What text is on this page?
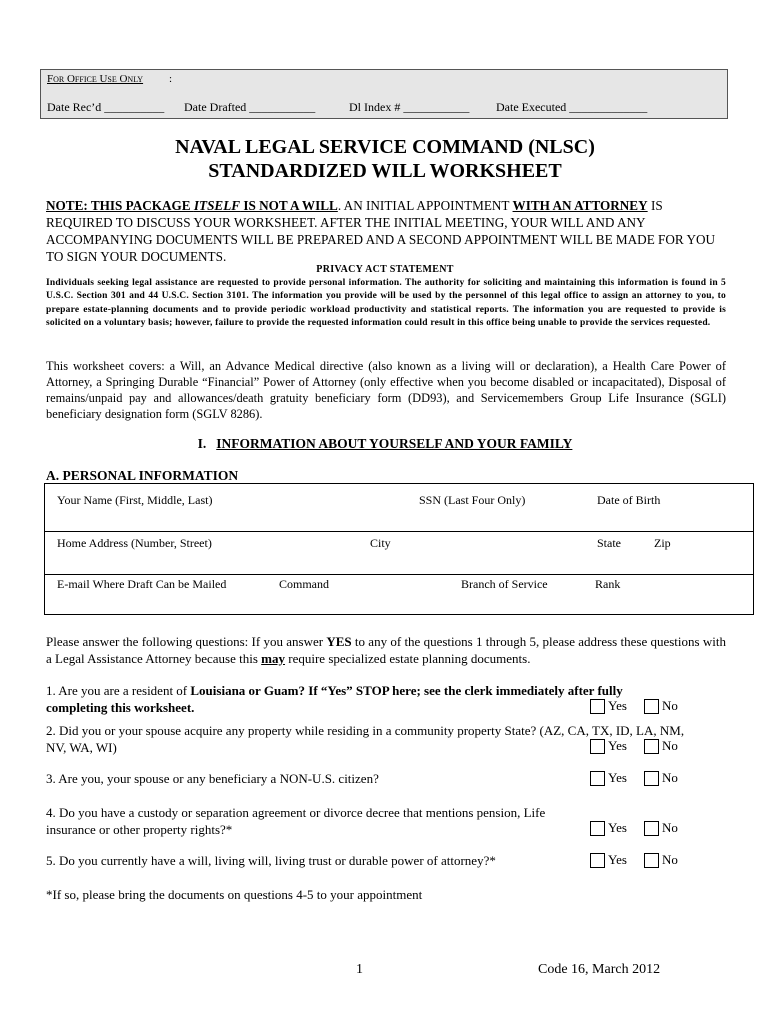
For Office Use Only :
Date Rec’d __________ Date Drafted ___________	Dl Index # ___________ Date Executed _____________
NAVAL LEGAL SERVICE COMMAND (NLSC)
STANDARDIZED WILL WORKSHEET
NOTE: THIS PACKAGE ITSELF IS NOT A WILL. AN INITIAL APPOINTMENT WITH AN ATTORNEY IS REQUIRED TO DISCUSS YOUR WORKSHEET. AFTER THE INITIAL MEETING, YOUR WILL AND ANY ACCOMPANYING DOCUMENTS WILL BE PREPARED AND A SECOND APPOINTMENT WILL BE MADE FOR YOU TO SIGN YOUR DOCUMENTS.
PRIVACY ACT STATEMENT
Individuals seeking legal assistance are requested to provide personal information. The authority for soliciting and maintaining this information is found in 5 U.S.C. Section 301 and 44 U.S.C. Section 3101. The information you provide will be used by the personnel of this legal office to assign an attorney to you, to prepare estate-planning documents and to provide periodic workload productivity and statistical reports. The information you are requested to provide is solicited on a voluntary basis; however, failure to provide the requested information could result in this office being unable to provide the services requested.
This worksheet covers: a Will, an Advance Medical directive (also known as a living will or declaration), a Health Care Power of Attorney, a Springing Durable “Financial” Power of Attorney (only effective when you become disabled or incapacitated), Disposal of remains/unpaid pay and allowances/death gratuity beneficiary form (DD93), and Servicemembers Group Life Insurance (SGLI) beneficiary designation form (SGLV 8286).
I. INFORMATION ABOUT YOURSELF AND YOUR FAMILY
A. PERSONAL INFORMATION
Your Name (First, Middle, Last)	SSN (Last Four Only)	Date of Birth
Home Address (Number, Street)	City	State	Zip
E-mail Where Draft Can be Mailed	Command	Branch of Service	Rank
Please answer the following questions: If you answer YES to any of the questions 1 through 5, please address these questions with a Legal Assistance Attorney because this may require specialized estate planning documents.
1. Are you are a resident of Louisiana or Guam? If “Yes” STOP here; see the clerk immediately after fully completing this worksheet.	Yes	No
2. Did you or your spouse acquire any property while residing in a community property State? (AZ, CA, TX, ID, LA, NM, NV, WA, WI)	Yes	No
3. Are you, your spouse or any beneficiary a NON-U.S. citizen?	Yes	No
4. Do you have a custody or separation agreement or divorce decree that mentions pension, Life insurance or other property rights?*	Yes	No
5. Do you currently have a will, living will, living trust or durable power of attorney?*	Yes	No
*If so, please bring the documents on questions 4-5 to your appointment
1	Code 16, March 2012
